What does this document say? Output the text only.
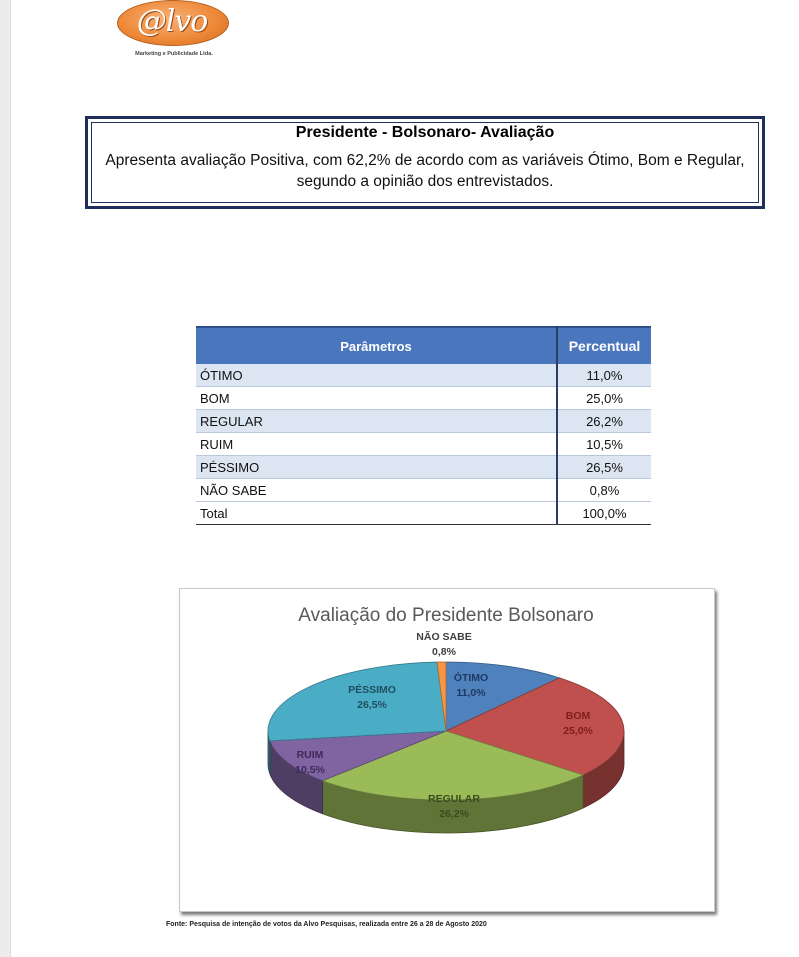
@lvo
Marketing e Publicidade Ltda.
Presidente - Bolsonaro- Avaliação
Apresenta avaliação Positiva, com 62,2% de acordo com as variáveis Ótimo, Bom e Regular, segundo a opinião dos entrevistados.
Parâmetros	Percentual
ÓTIMO	11,0%
BOM	25,0%
REGULAR	26,2%
RUIM	10,5%
PÉSSIMO	26,5%
NÃO SABE	0,8%
Total	100,0%
Avaliação do Presidente Bolsonaro
ÓTIMO
11,0%
BOM
25,0%
REGULAR
26,2%
RUIM
10,5%
PÉSSIMO
26,5%
NÃO SABE
0,8%
Fonte: Pesquisa de intenção de votos da Alvo Pesquisas, realizada entre 26 a 28 de Agosto 2020
